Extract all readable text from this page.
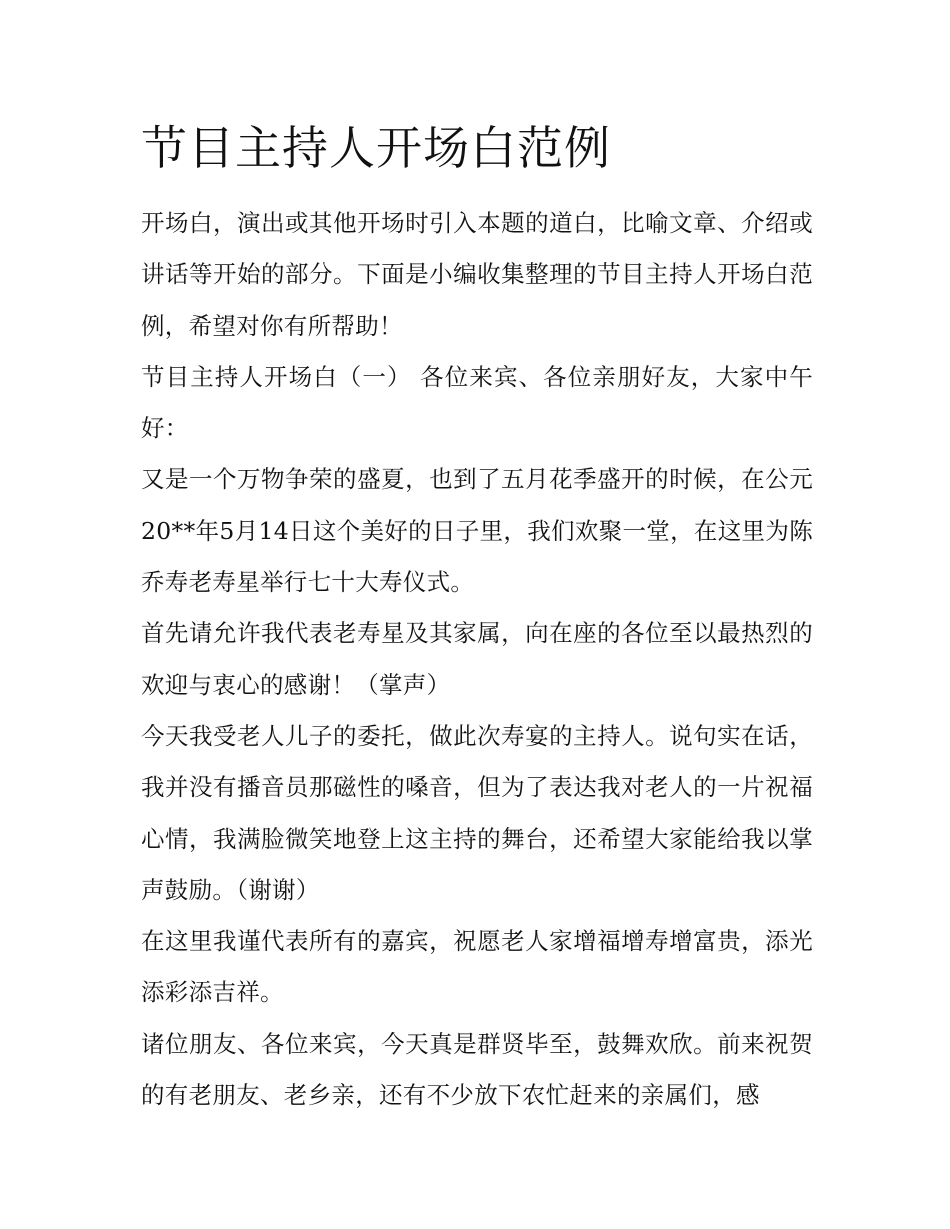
节目主持人开场白范例

开场白，演出或其他开场时引入本题的道白，比喻文章、介绍或讲话等开始的部分。下面是小编收集整理的节目主持人开场白范例，希望对你有所帮助！

节目主持人开场白（一） 各位来宾、各位亲朋好友，大家中午好：

又是一个万物争荣的盛夏，也到了五月花季盛开的时候，在公元20**年5月14日这个美好的日子里，我们欢聚一堂，在这里为陈乔寿老寿星举行七十大寿仪式。

首先请允许我代表老寿星及其家属，向在座的各位至以最热烈的欢迎与衷心的感谢！（掌声）

今天我受老人儿子的委托，做此次寿宴的主持人。说句实在话，我并没有播音员那磁性的嗓音，但为了表达我对老人的一片祝福心情，我满脸微笑地登上这主持的舞台，还希望大家能给我以掌声鼓励。（谢谢）

在这里我谨代表所有的嘉宾，祝愿老人家增福增寿增富贵，添光添彩添吉祥。

诸位朋友、各位来宾，今天真是群贤毕至，鼓舞欢欣。前来祝贺的有老朋友、老乡亲，还有不少放下农忙赶来的亲属们，感
